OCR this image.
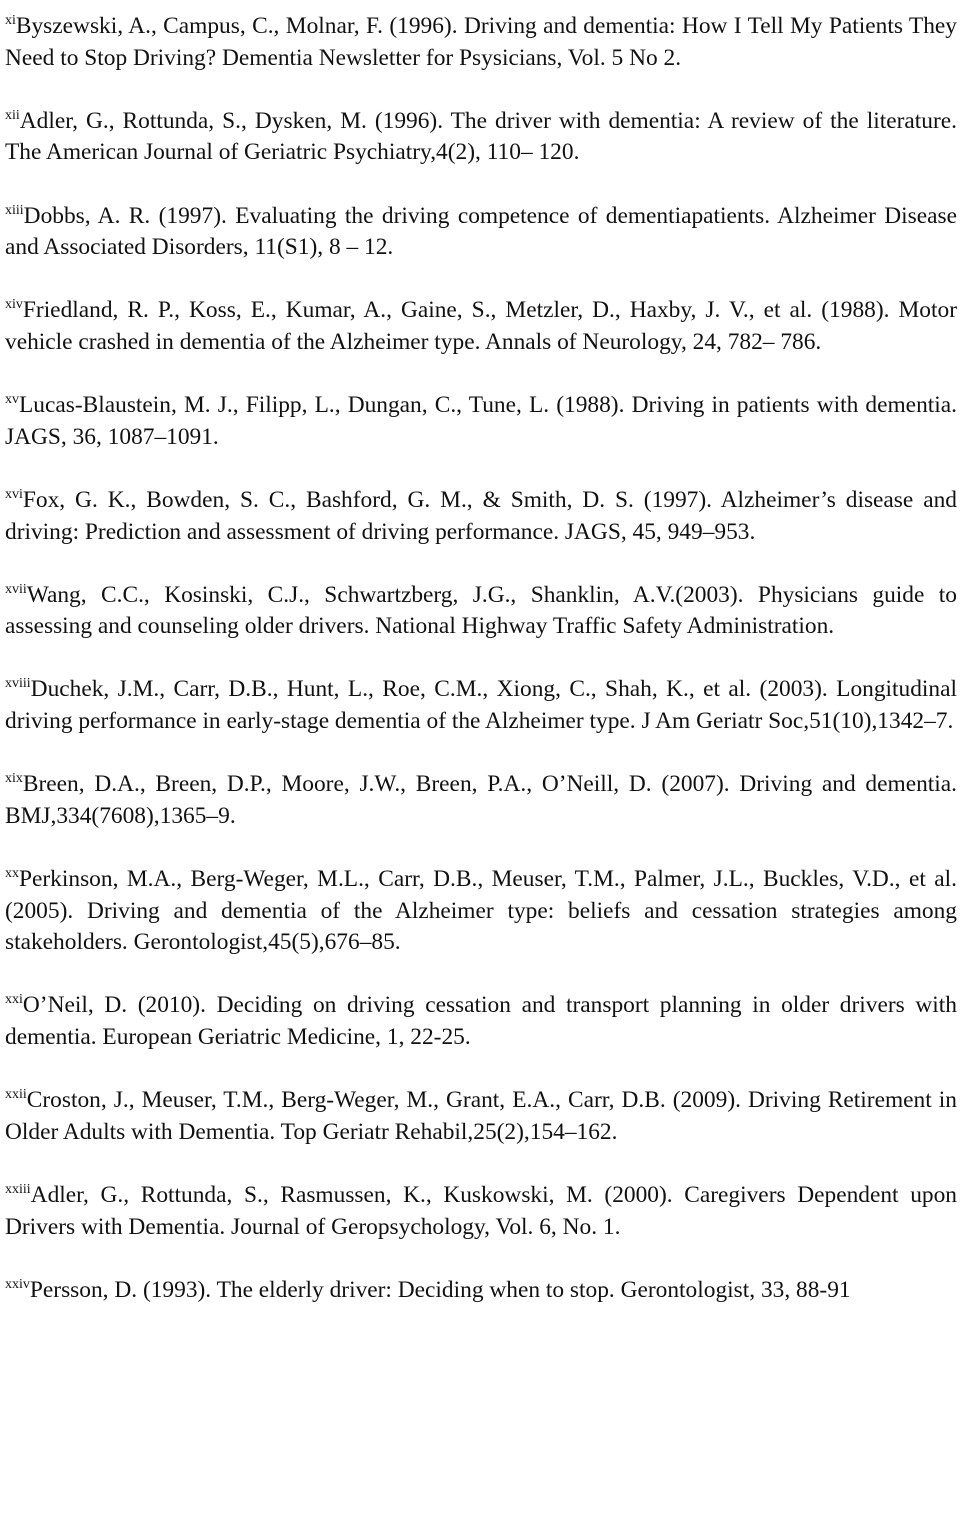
$^{xi}$Byszewski, A., Campus, C., Molnar, F. (1996). Driving and dementia: How I Tell My Patients They Need to Stop Driving? Dementia Newsletter for Psysicians, Vol. 5 No 2.

$^{xii}$Adler, G., Rottunda, S., Dysken, M. (1996). The driver with dementia: A review of the literature. The American Journal of Geriatric Psychiatry,4(2), 110– 120.

$^{xiii}$Dobbs, A. R. (1997). Evaluating the driving competence of dementiapatients. Alzheimer Disease and Associated Disorders, 11(S1), 8 – 12.

$^{xiv}$Friedland, R. P., Koss, E., Kumar, A., Gaine, S., Metzler, D., Haxby, J. V., et al. (1988). Motor vehicle crashed in dementia of the Alzheimer type. Annals of Neurology, 24, 782– 786.

$^{xv}$Lucas-Blaustein, M. J., Filipp, L., Dungan, C., Tune, L. (1988). Driving in patients with dementia. JAGS, 36, 1087–1091.

$^{xvi}$Fox, G. K., Bowden, S. C., Bashford, G. M., & Smith, D. S. (1997). Alzheimer’s disease and driving: Prediction and assessment of driving performance. JAGS, 45, 949–953.

$^{xvii}$Wang, C.C., Kosinski, C.J., Schwartzberg, J.G., Shanklin, A.V.(2003). Physicians guide to assessing and counseling older drivers. National Highway Traffic Safety Administration.

$^{xviii}$Duchek, J.M., Carr, D.B., Hunt, L., Roe, C.M., Xiong, C., Shah, K., et al. (2003). Longitudinal driving performance in early-stage dementia of the Alzheimer type. J Am Geriatr Soc,51(10),1342–7.

$^{xix}$Breen, D.A., Breen, D.P., Moore, J.W., Breen, P.A., O’Neill, D. (2007). Driving and dementia. BMJ,334(7608),1365–9.

$^{xx}$Perkinson, M.A., Berg-Weger, M.L., Carr, D.B., Meuser, T.M., Palmer, J.L., Buckles, V.D., et al. (2005). Driving and dementia of the Alzheimer type: beliefs and cessation strategies among stakeholders. Gerontologist,45(5),676–85.

$^{xxi}$O’Neil, D. (2010). Deciding on driving cessation and transport planning in older drivers with dementia. European Geriatric Medicine, 1, 22-25.

$^{xxii}$Croston, J., Meuser, T.M., Berg-Weger, M., Grant, E.A., Carr, D.B. (2009). Driving Retirement in Older Adults with Dementia. Top Geriatr Rehabil,25(2),154–162.

$^{xxiii}$Adler, G., Rottunda, S., Rasmussen, K., Kuskowski, M. (2000). Caregivers Dependent upon Drivers with Dementia. Journal of Geropsychology, Vol. 6, No. 1.

$^{xxiv}$Persson, D. (1993). The elderly driver: Deciding when to stop. Gerontologist, 33, 88-91
